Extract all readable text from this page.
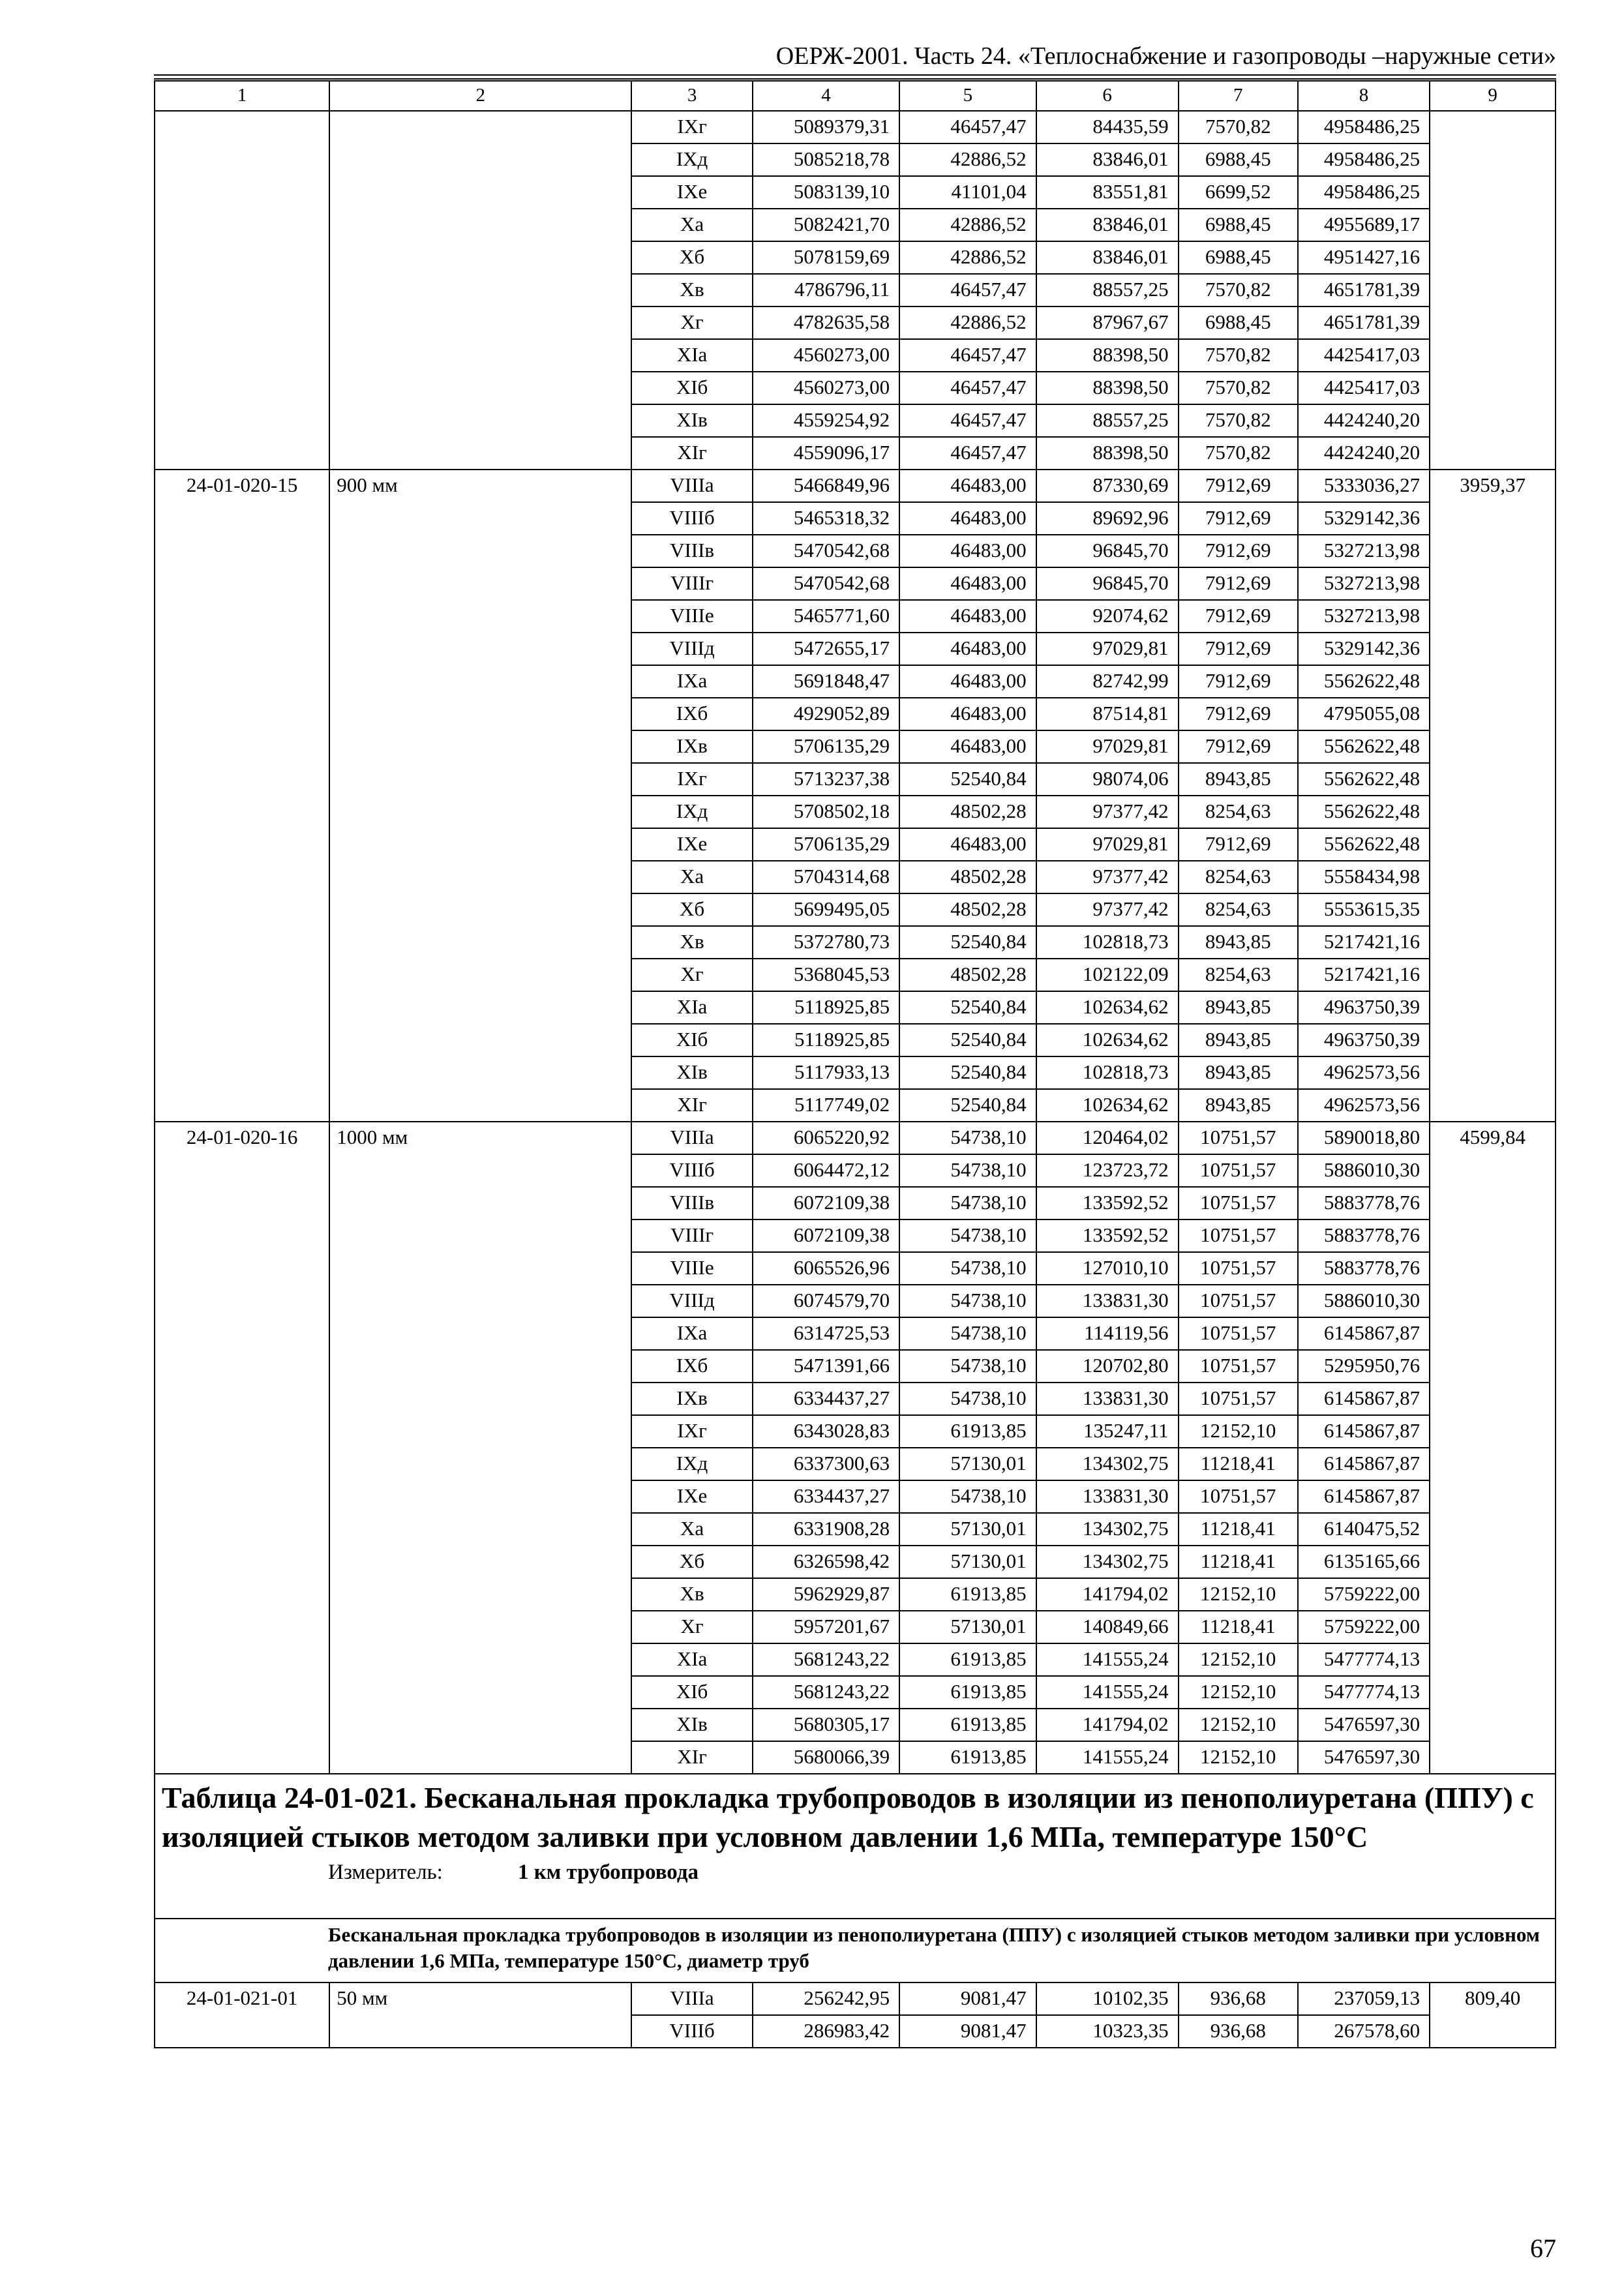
ОЕРЖ-2001. Часть 24. «Теплоснабжение и газопроводы –наружные сети»
1	2	3	4	5	6	7	8	9
		IXг	5089379,31	46457,47	84435,59	7570,82	4958486,25	
		IXд	5085218,78	42886,52	83846,01	6988,45	4958486,25	
		IXе	5083139,10	41101,04	83551,81	6699,52	4958486,25	
		Xа	5082421,70	42886,52	83846,01	6988,45	4955689,17	
		Xб	5078159,69	42886,52	83846,01	6988,45	4951427,16	
		Xв	4786796,11	46457,47	88557,25	7570,82	4651781,39	
		Xг	4782635,58	42886,52	87967,67	6988,45	4651781,39	
		XIа	4560273,00	46457,47	88398,50	7570,82	4425417,03	
		XIб	4560273,00	46457,47	88398,50	7570,82	4425417,03	
		XIв	4559254,92	46457,47	88557,25	7570,82	4424240,20	
		XIг	4559096,17	46457,47	88398,50	7570,82	4424240,20	
24-01-020-15	900 мм	VIIIа	5466849,96	46483,00	87330,69	7912,69	5333036,27	3959,37
		VIIIб	5465318,32	46483,00	89692,96	7912,69	5329142,36	
		VIIIв	5470542,68	46483,00	96845,70	7912,69	5327213,98	
		VIIIг	5470542,68	46483,00	96845,70	7912,69	5327213,98	
		VIIIе	5465771,60	46483,00	92074,62	7912,69	5327213,98	
		VIIIд	5472655,17	46483,00	97029,81	7912,69	5329142,36	
		IXа	5691848,47	46483,00	82742,99	7912,69	5562622,48	
		IXб	4929052,89	46483,00	87514,81	7912,69	4795055,08	
		IXв	5706135,29	46483,00	97029,81	7912,69	5562622,48	
		IXг	5713237,38	52540,84	98074,06	8943,85	5562622,48	
		IXд	5708502,18	48502,28	97377,42	8254,63	5562622,48	
		IXе	5706135,29	46483,00	97029,81	7912,69	5562622,48	
		Xа	5704314,68	48502,28	97377,42	8254,63	5558434,98	
		Xб	5699495,05	48502,28	97377,42	8254,63	5553615,35	
		Xв	5372780,73	52540,84	102818,73	8943,85	5217421,16	
		Xг	5368045,53	48502,28	102122,09	8254,63	5217421,16	
		XIа	5118925,85	52540,84	102634,62	8943,85	4963750,39	
		XIб	5118925,85	52540,84	102634,62	8943,85	4963750,39	
		XIв	5117933,13	52540,84	102818,73	8943,85	4962573,56	
		XIг	5117749,02	52540,84	102634,62	8943,85	4962573,56	
24-01-020-16	1000 мм	VIIIа	6065220,92	54738,10	120464,02	10751,57	5890018,80	4599,84
		VIIIб	6064472,12	54738,10	123723,72	10751,57	5886010,30	
		VIIIв	6072109,38	54738,10	133592,52	10751,57	5883778,76	
		VIIIг	6072109,38	54738,10	133592,52	10751,57	5883778,76	
		VIIIе	6065526,96	54738,10	127010,10	10751,57	5883778,76	
		VIIIд	6074579,70	54738,10	133831,30	10751,57	5886010,30	
		IXа	6314725,53	54738,10	114119,56	10751,57	6145867,87	
		IXб	5471391,66	54738,10	120702,80	10751,57	5295950,76	
		IXв	6334437,27	54738,10	133831,30	10751,57	6145867,87	
		IXг	6343028,83	61913,85	135247,11	12152,10	6145867,87	
		IXд	6337300,63	57130,01	134302,75	11218,41	6145867,87	
		IXе	6334437,27	54738,10	133831,30	10751,57	6145867,87	
		Xа	6331908,28	57130,01	134302,75	11218,41	6140475,52	
		Xб	6326598,42	57130,01	134302,75	11218,41	6135165,66	
		Xв	5962929,87	61913,85	141794,02	12152,10	5759222,00	
		Xг	5957201,67	57130,01	140849,66	11218,41	5759222,00	
		XIа	5681243,22	61913,85	141555,24	12152,10	5477774,13	
		XIб	5681243,22	61913,85	141555,24	12152,10	5477774,13	
		XIв	5680305,17	61913,85	141794,02	12152,10	5476597,30	
		XIг	5680066,39	61913,85	141555,24	12152,10	5476597,30	

Таблица 24-01-021. Бесканальная прокладка трубопроводов в изоляции из пенополиуретана (ППУ) с изоляцией стыков методом заливки при условном давлении 1,6 МПа, температуре 150°С
Измеритель: 1 км трубопровода								

Бесканальная прокладка трубопроводов в изоляции из пенополиуретана (ППУ) с изоляцией стыков методом заливки при условном давлении 1,6 МПа, температуре 150°С, диаметр труб								
24-01-021-01	50 мм	VIIIа	256242,95	9081,47	10102,35	936,68	237059,13	809,40
		VIIIб	286983,42	9081,47	10323,35	936,68	267578,60	
67
